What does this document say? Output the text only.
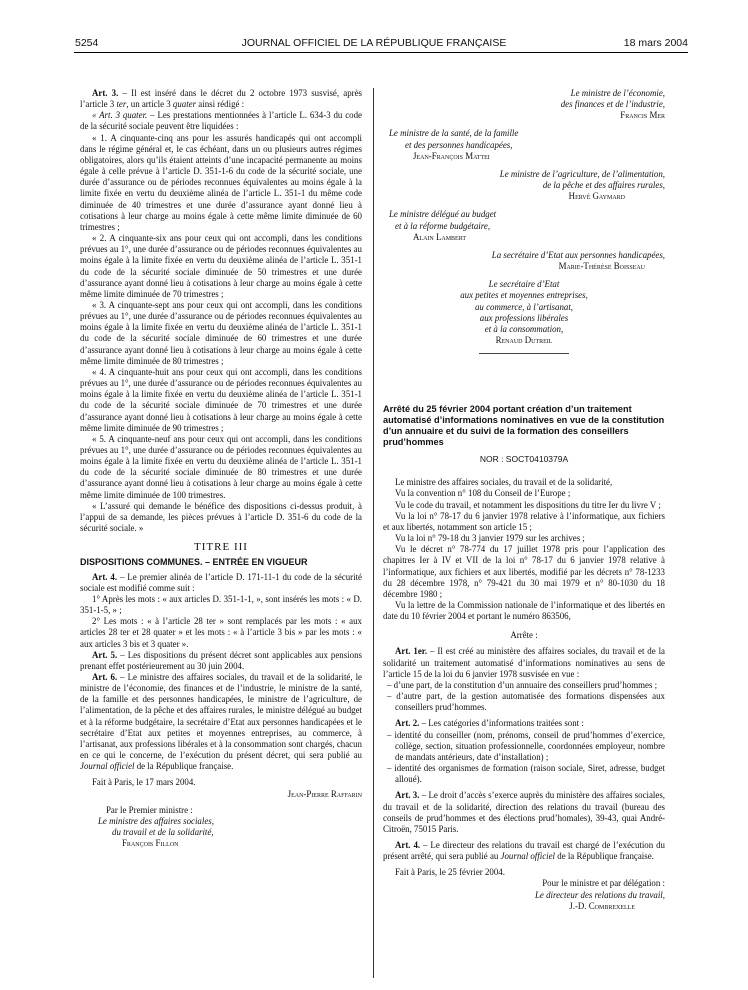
5254	JOURNAL OFFICIEL DE LA RÉPUBLIQUE FRANÇAISE	18 mars 2004

Art. 3. – Il est inséré dans le décret du 2 octobre 1973 susvisé, après l’article 3 ter, un article 3 quater ainsi rédigé :

« Art. 3 quater. – Les prestations mentionnées à l’article L. 634-3 du code de la sécurité sociale peuvent être liquidées :

« 1. A cinquante-cinq ans pour les assurés handicapés qui ont accompli dans le régime général et, le cas échéant, dans un ou plusieurs autres régimes obligatoires, alors qu’ils étaient atteints d’une incapacité permanente au moins égale à celle prévue à l’article D. 351-1-6 du code de la sécurité sociale, une durée d’assurance ou de périodes reconnues équivalentes au moins égale à la limite fixée en vertu du deuxième alinéa de l’article L. 351-1 du même code diminuée de 40 trimestres et une durée d’assurance ayant donné lieu à cotisations à leur charge au moins égale à cette même limite diminuée de 60 trimestres ;

« 2. A cinquante-six ans pour ceux qui ont accompli, dans les conditions prévues au 1°, une durée d’assurance ou de périodes reconnues équivalentes au moins égale à la limite fixée en vertu du deuxième alinéa de l’article L. 351-1 du code de la sécurité sociale diminuée de 50 trimestres et une durée d’assurance ayant donné lieu à cotisations à leur charge au moins égale à cette même limite diminuée de 70 trimestres ;

« 3. A cinquante-sept ans pour ceux qui ont accompli, dans les conditions prévues au 1°, une durée d’assurance ou de périodes reconnues équivalentes au moins égale à la limite fixée en vertu du deuxième alinéa de l’article L. 351-1 du code de la sécurité sociale diminuée de 60 trimestres et une durée d’assurance ayant donné lieu à cotisations à leur charge au moins égale à cette même limite diminuée de 80 trimestres ;

« 4. A cinquante-huit ans pour ceux qui ont accompli, dans les conditions prévues au 1°, une durée d’assurance ou de périodes reconnues équivalentes au moins égale à la limite fixée en vertu du deuxième alinéa de l’article L. 351-1 du code de la sécurité sociale diminuée de 70 trimestres et une durée d’assurance ayant donné lieu à cotisations à leur charge au moins égale à cette même limite diminuée de 90 trimestres ;

« 5. A cinquante-neuf ans pour ceux qui ont accompli, dans les conditions prévues au 1°, une durée d’assurance ou de périodes reconnues équivalentes au moins égale à la limite fixée en vertu du deuxième alinéa de l’article L. 351-1 du code de la sécurité sociale diminuée de 80 trimestres et une durée d’assurance ayant donné lieu à cotisations à leur charge au moins égale à cette même limite diminuée de 100 trimestres.

« L’assuré qui demande le bénéfice des dispositions ci-dessus produit, à l’appui de sa demande, les pièces prévues à l’article D. 351-6 du code de la sécurité sociale. »

TITRE III

DISPOSITIONS COMMUNES. – ENTRÉE EN VIGUEUR

Art. 4. – Le premier alinéa de l’article D. 171-11-1 du code de la sécurité sociale est modifié comme suit :

1° Après les mots : « aux articles D. 351-1-1, », sont insérés les mots : « D. 351-1-5, » ;

2° Les mots : « à l’article 28 ter » sont remplacés par les mots : « aux articles 28 ter et 28 quater » et les mots : « à l’article 3 bis » par les mots : « aux articles 3 bis et 3 quater ».

Art. 5. – Les dispositions du présent décret sont applicables aux pensions prenant effet postérieurement au 30 juin 2004.

Art. 6. – Le ministre des affaires sociales, du travail et de la solidarité, le ministre de l’économie, des finances et de l’industrie, le ministre de la santé, de la famille et des personnes handicapées, le ministre de l’agriculture, de l’alimentation, de la pêche et des affaires rurales, le ministre délégué au budget et à la réforme budgétaire, la secrétaire d’Etat aux personnes handicapées et le secrétaire d’Etat aux petites et moyennes entreprises, au commerce, à l’artisanat, aux professions libérales et à la consommation sont chargés, chacun en ce qui le concerne, de l’exécution du présent décret, qui sera publié au Journal officiel de la République française.

Fait à Paris, le 17 mars 2004.

Jean-Pierre Raffarin

Par le Premier ministre :

Le ministre des affaires sociales,

du travail et de la solidarité,

François Fillon

Le ministre de l’économie,

des finances et de l’industrie,

Francis Mer

Le ministre de la santé, de la famille

et des personnes handicapées,

Jean-François Mattei

Le ministre de l’agriculture, de l’alimentation,

de la pêche et des affaires rurales,

Hervé Gaymard

Le ministre délégué au budget

et à la réforme budgétaire,

Alain Lambert

La secrétaire d’Etat aux personnes handicapées,

Marie-Thérèse Boisseau

Le secrétaire d’Etat

aux petites et moyennes entreprises,

au commerce, à l’artisanat,

aux professions libérales

et à la consommation,

Renaud Dutreil

Arrêté du 25 février 2004 portant création d’un traitement automatisé d’informations nominatives en vue de la constitution d’un annuaire et du suivi de la formation des conseillers prud’hommes

NOR : SOCT0410379A

Le ministre des affaires sociales, du travail et de la solidarité,

Vu la convention n° 108 du Conseil de l’Europe ;

Vu le code du travail, et notamment les dispositions du titre Ier du livre V ;

Vu la loi n° 78-17 du 6 janvier 1978 relative à l’informatique, aux fichiers et aux libertés, notamment son article 15 ;

Vu la loi n° 79-18 du 3 janvier 1979 sur les archives ;

Vu le décret n° 78-774 du 17 juillet 1978 pris pour l’application des chapitres Ier à IV et VII de la loi n° 78-17 du 6 janvier 1978 relative à l’informatique, aux fichiers et aux libertés, modifié par les décrets n° 78-1233 du 28 décembre 1978, n° 79-421 du 30 mai 1979 et n° 80-1030 du 18 décembre 1980 ;

Vu la lettre de la Commission nationale de l’informatique et des libertés en date du 10 février 2004 et portant le numéro 863506,

Arrête :

Art. 1er. – Il est créé au ministère des affaires sociales, du travail et de la solidarité un traitement automatisé d’informations nominatives au sens de l’article 15 de la loi du 6 janvier 1978 susvisée en vue :

– d’une part, de la constitution d’un annuaire des conseillers prud’hommes ;

– d’autre part, de la gestion automatisée des formations dispensées aux conseillers prud’hommes.

Art. 2. – Les catégories d’informations traitées sont :

– identité du conseiller (nom, prénoms, conseil de prud’hommes d’exercice, collège, section, situation professionnelle, coordonnées employeur, nombre de mandats antérieurs, date d’installation) ;

– identité des organismes de formation (raison sociale, Siret, adresse, budget alloué).

Art. 3. – Le droit d’accès s’exerce auprès du ministère des affaires sociales, du travail et de la solidarité, direction des relations du travail (bureau des conseils de prud’hommes et des élections prud’homales), 39-43, quai André-Citroën, 75015 Paris.

Art. 4. – Le directeur des relations du travail est chargé de l’exécution du présent arrêté, qui sera publié au Journal officiel de la République française.

Fait à Paris, le 25 février 2004.

Pour le ministre et par délégation :

Le directeur des relations du travail,

J.-D. Combrexelle
